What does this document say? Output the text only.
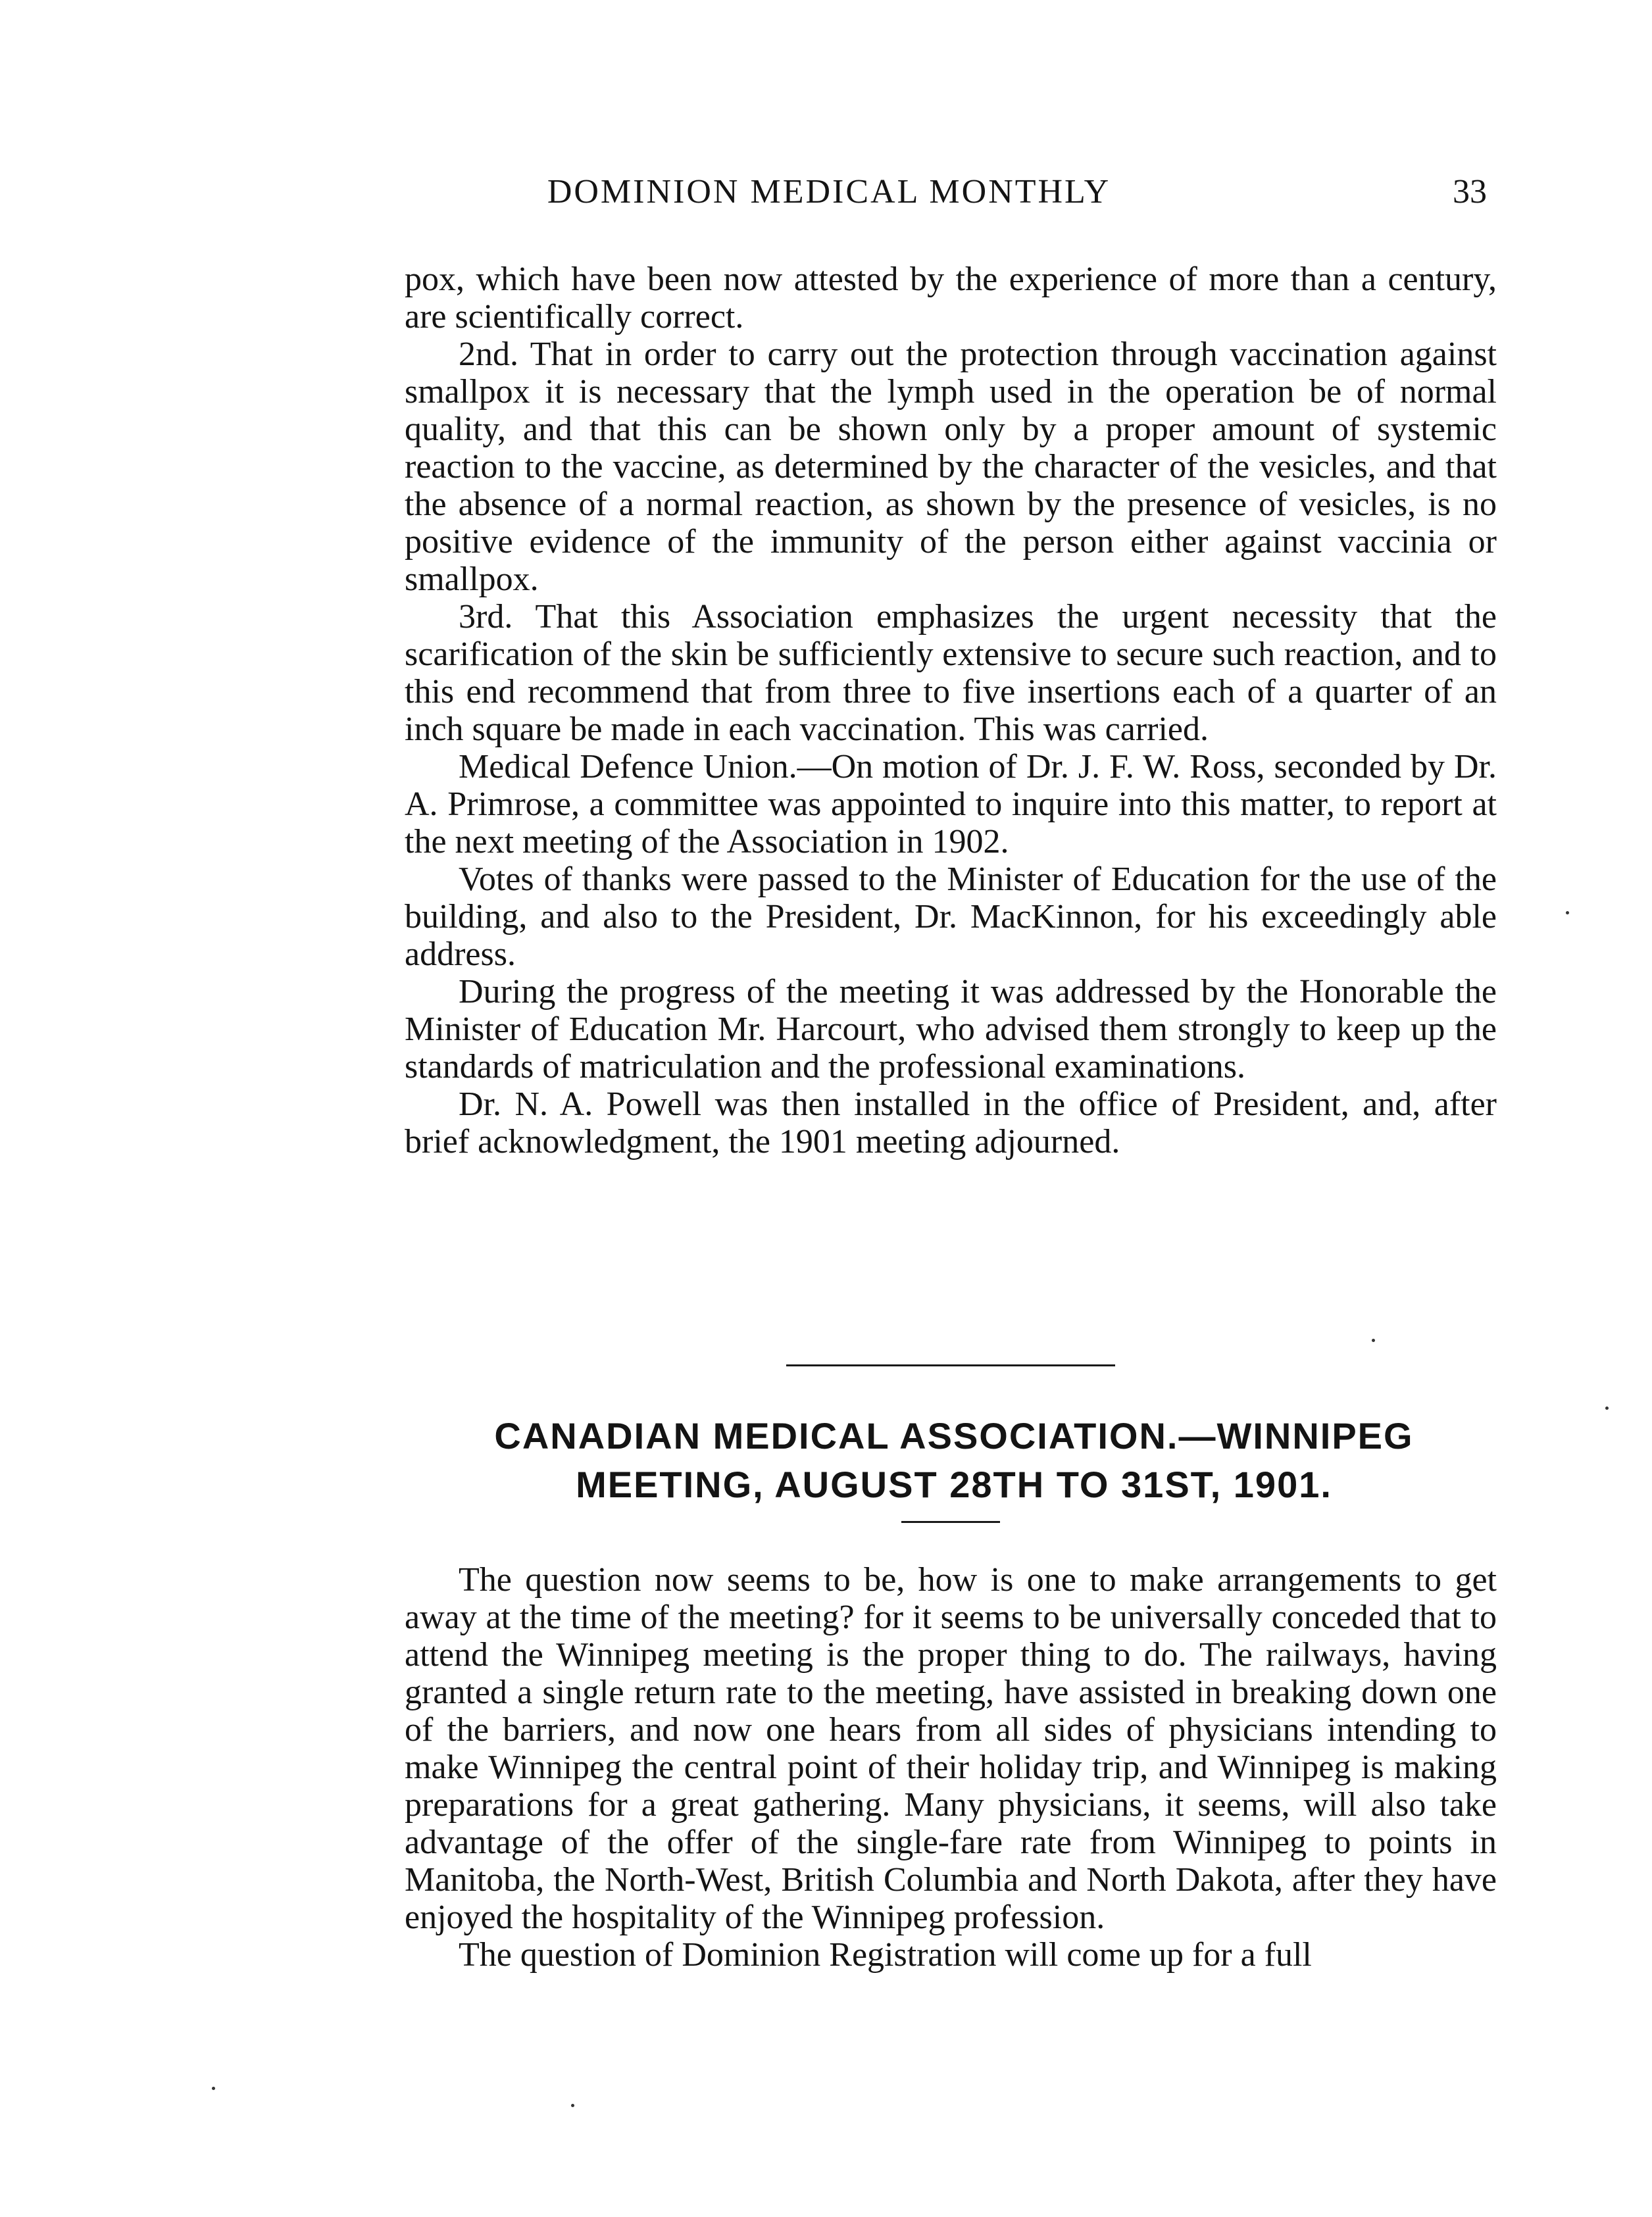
DOMINION MEDICAL MONTHLY	33

pox, which have been now attested by the experience of more than a century, are scientifically correct.

2nd. That in order to carry out the protection through vaccination against smallpox it is necessary that the lymph used in the operation be of normal quality, and that this can be shown only by a proper amount of systemic reaction to the vaccine, as determined by the character of the vesicles, and that the absence of a normal reaction, as shown by the presence of vesicles, is no positive evidence of the immunity of the person either against vaccinia or smallpox.

3rd. That this Association emphasizes the urgent necessity that the scarification of the skin be sufficiently extensive to secure such reaction, and to this end recommend that from three to five insertions each of a quarter of an inch square be made in each vaccination. This was carried.

Medical Defence Union.—On motion of Dr. J. F. W. Ross, seconded by Dr. A. Primrose, a committee was appointed to inquire into this matter, to report at the next meeting of the Association in 1902.

Votes of thanks were passed to the Minister of Education for the use of the building, and also to the President, Dr. MacKinnon, for his exceedingly able address.

During the progress of the meeting it was addressed by the Honorable the Minister of Education Mr. Harcourt, who advised them strongly to keep up the standards of matriculation and the professional examinations.

Dr. N. A. Powell was then installed in the office of President, and, after brief acknowledgment, the 1901 meeting adjourned.

CANADIAN MEDICAL ASSOCIATION.—WINNIPEG
MEETING, AUGUST 28TH TO 31ST, 1901.

The question now seems to be, how is one to make arrangements to get away at the time of the meeting? for it seems to be universally conceded that to attend the Winnipeg meeting is the proper thing to do. The railways, having granted a single return rate to the meeting, have assisted in breaking down one of the barriers, and now one hears from all sides of physicians intending to make Winnipeg the central point of their holiday trip, and Winnipeg is making preparations for a great gathering. Many physicians, it seems, will also take advantage of the offer of the single-fare rate from Winnipeg to points in Manitoba, the North-West, British Columbia and North Dakota, after they have enjoyed the hospitality of the Winnipeg profession.

The question of Dominion Registration will come up for a full
